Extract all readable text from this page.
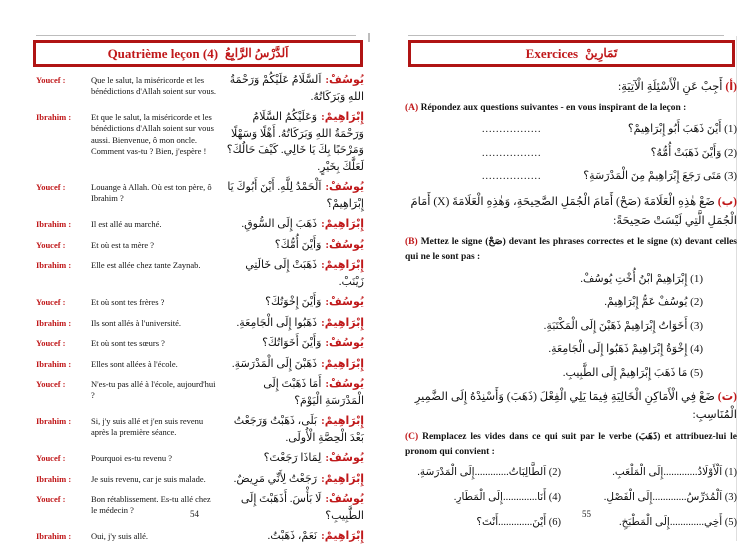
Quatrième leçon (4) اَلدَّرْسُ الرَّابِعُ
Youcef :	Que le salut, la miséricorde et les bénédictions d'Allah soient sur vous.
يُوسُفْ:اَلسَّلَامُ عَلَيْكُمْ وَرَحْمَةُ اللهِ وَبَرَكَاتُهُ.
Ibrahim :	Et que le salut, la miséricorde et les bénédictions d'Allah soient sur vous aussi. Bienvenue, ô mon oncle. Comment vas-tu ? Bien, j'espère !
إِبْرَاهِيمْ:وَعَلَيْكُمُ السَّلَامُ وَرَحْمَةُ اللهِ وَبَرَكَاتُهُ. أَهْلًا وَسَهْلًا وَمَرْحَبًا بِكَ يَا خَالِي. كَيْفَ حَالُكَ؟ لَعَلَّكَ بِخَيْرٍ.
Youcef :	Louange à Allah. Où est ton père, ô Ibrahim ?
يُوسُفْ:اَلْحَمْدُ لِلَّهِ. أَيْنَ أَبُوكَ يَا إِبْرَاهِيمْ؟
Ibrahim :	Il est allé au marché.	إِبْرَاهِيمْ:ذَهَبَ إِلَى السُّوقِ.
Youcef :	Et où est ta mère ?	يُوسُفْ:وَأَيْنَ أُمُّكَ؟
Ibrahim :	Elle est allée chez tante Zaynab.	إِبْرَاهِيمْ:ذَهَبَتْ إِلَى خَالَتِي زَيْنَبْ.
Youcef :	Et où sont tes frères ?	يُوسُفْ:وَأَيْنَ إِخْوَتُكَ؟
Ibrahim :	Ils sont allés à l'université.	إِبْرَاهِيمْ:ذَهَبُوا إِلَى الْجَامِعَةِ.
Youcef :	Et où sont tes sœurs ?	يُوسُفْ:وَأَيْنَ أَخَوَاتُكَ؟
Ibrahim :	Elles sont allées à l'école.	إِبْرَاهِيمْ:ذَهَبْنَ إِلَى الْمَدْرَسَةِ.
Youcef :	N'es-tu pas allé à l'école, aujourd'hui ?
يُوسُفْ:أَمَا ذَهَبْتَ إِلَى الْمَدْرَسَةِ الْيَوْمَ؟
Ibrahim :	Si, j'y suis allé et j'en suis revenu après la première séance.
إِبْرَاهِيمْ:بَلَى، ذَهَبْتُ وَرَجَعْتُ بَعْدَ الْحِصَّةِ الْأُولَى.
Youcef :	Pourquoi es-tu revenu ?	يُوسُفْ:لِمَاذَا رَجَعْتَ؟
Ibrahim :	Je suis revenu, car je suis malade.	إِبْرَاهِيمْ:رَجَعْتُ لِأَنِّي مَرِيضٌ.
Youcef :	Bon rétablissement. Es-tu allé chez le médecin ?
يُوسُفْ:لَا بَأْسَ. أَذَهَبْتَ إِلَى الطَّبِيبِ؟
Ibrahim :	Oui, j'y suis allé.	إِبْرَاهِيمْ:نَعَمْ، ذَهَبْتُ.
54
Exercices تَمَارِينْ
(أ) أَجِبْ عَنِ الْأَسْئِلَةِ الْآتِيَةِ:
(A) Répondez aux questions suivantes - en vous inspirant de la leçon :
(1) أَيْنَ ذَهَبَ أَبُو إِبْرَاهِيمْ؟
.................
(2) وَأَيْنَ ذَهَبَتْ أُمُّهُ؟
.................
(3) مَتَى رَجَعَ إِبْرَاهِيمْ مِنَ الْمَدْرَسَةِ؟
.................
(ب) ضَعْ هٰذِهِ الْعَلَامَةَ (صَحْ) أَمَامَ الْجُمَلِ الصَّحِيحَةِ، وَهٰذِهِ الْعَلَامَةَ (X) أَمَامَ الْجُمَلِ الَّتِي لَيْسَتْ صَحِيحَةً:
(B) Mettez le signe (صَحْ) devant les phrases correctes et le signe (x) devant celles qui ne le sont pas :
(1) إِبْرَاهِيمْ ابْنُ أُخْتِ يُوسُفْ.
(2) يُوسُفْ عَمُّ إِبْرَاهِيمْ.
(3) أَخَوَاتُ إِبْرَاهِيمْ ذَهَبْنَ إِلَى الْمَكْتَبَةِ.
(4) إِخْوَةُ إِبْرَاهِيمْ ذَهَبُوا إِلَى الْجَامِعَةِ.
(5) مَا ذَهَبَ إِبْرَاهِيمْ إِلَى الطَّبِيبِ.
(ت) ضَعْ فِي الْأَمَاكِنِ الْخَالِيَةِ فِيمَا يَلِي الْفِعْلَ (ذَهَبَ) وَأَسْنِدْهُ إِلَى الضَّمِيرِ الْمُنَاسِبِ:
(C) Remplacez les vides dans ce qui suit par le verbe (ذَهَبَ) et attribuez-lui le pronom qui convient :
(1) اَلْأَوْلَادُ.............إِلَى الْمَلْعَبِ.
(2) اَلطَّالِبَاتُ.............إِلَى الْمَدْرَسَةِ.
(3) اَلْمُدَرِّسُ.............إِلَى الْفَصْلِ.
(4) أَنَا.............إِلَى الْمَطَارِ.
(5) أَخِي.............إِلَى الْمَطْبَخِ.
(6) أَيْنَ.............أَنْتَ؟
55
